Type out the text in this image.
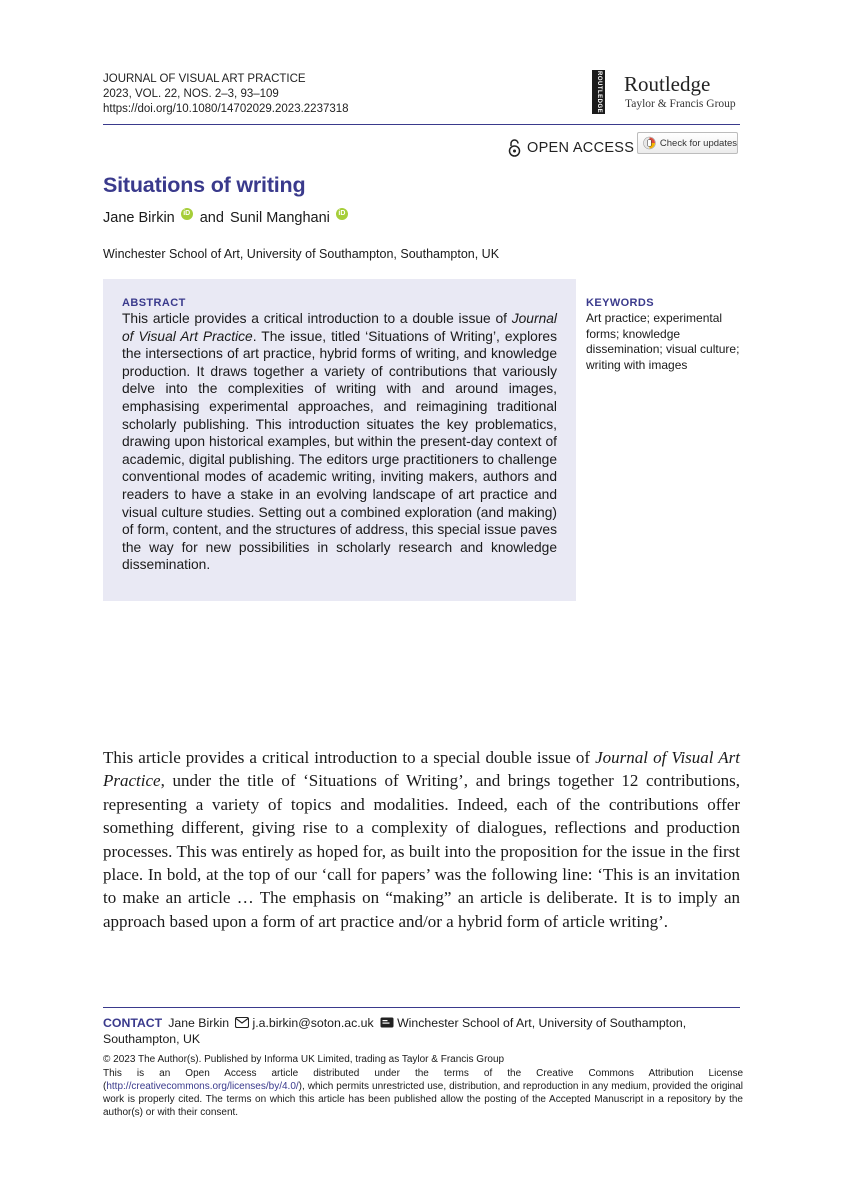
JOURNAL OF VISUAL ART PRACTICE
2023, VOL. 22, NOS. 2–3, 93–109
https://doi.org/10.1080/14702029.2023.2237318	ROUTLEDGE Routledge
Taylor & Francis Group
OPEN ACCESS	Check for updates
Situations of writing
Jane Birkin	iD and Sunil Manghani	iD
Winchester School of Art, University of Southampton, Southampton, UK
ABSTRACT
This article provides a critical introduction to a double issue of Journal of Visual Art Practice. The issue, titled ‘Situations of Writing’, explores the intersections of art practice, hybrid forms of writing, and knowledge production. It draws together a variety of contributions that variously delve into the complexities of writing with and around images, emphasising experimental approaches, and reimagining traditional scholarly publishing. This introduction situates the key problematics, drawing upon historical examples, but within the present-day context of academic, digital publishing. The editors urge practitioners to challenge conventional modes of academic writing, inviting makers, authors and readers to have a stake in an evolving landscape of art practice and visual culture studies. Setting out a combined exploration (and making) of form, content, and the structures of address, this special issue paves the way for new possibilities in scholarly research and knowledge dissemination.
KEYWORDS
Art practice; experimental forms; knowledge dissemination; visual culture; writing with images
This article provides a critical introduction to a special double issue of Journal of Visual Art Practice, under the title of ‘Situations of Writing’, and brings together 12 contributions, representing a variety of topics and modalities. Indeed, each of the contributions offer something different, giving rise to a complexity of dialogues, reflections and production processes. This was entirely as hoped for, as built into the proposition for the issue in the first place. In bold, at the top of our ‘call for papers’ was the following line: ‘This is an invitation to make an article … The emphasis on “making” an article is deliberate. It is to imply an approach based upon a form of art practice and/or a hybrid form of article writing’.
CONTACT Jane Birkin j.a.birkin@soton.ac.uk Winchester School of Art, University of Southampton, Southampton, UK
© 2023 The Author(s). Published by Informa UK Limited, trading as Taylor & Francis Group
This is an Open Access article distributed under the terms of the Creative Commons Attribution License (http://creativecommons.org/licenses/by/4.0/), which permits unrestricted use, distribution, and reproduction in any medium, provided the original work is properly cited. The terms on which this article has been published allow the posting of the Accepted Manuscript in a repository by the author(s) or with their consent.
